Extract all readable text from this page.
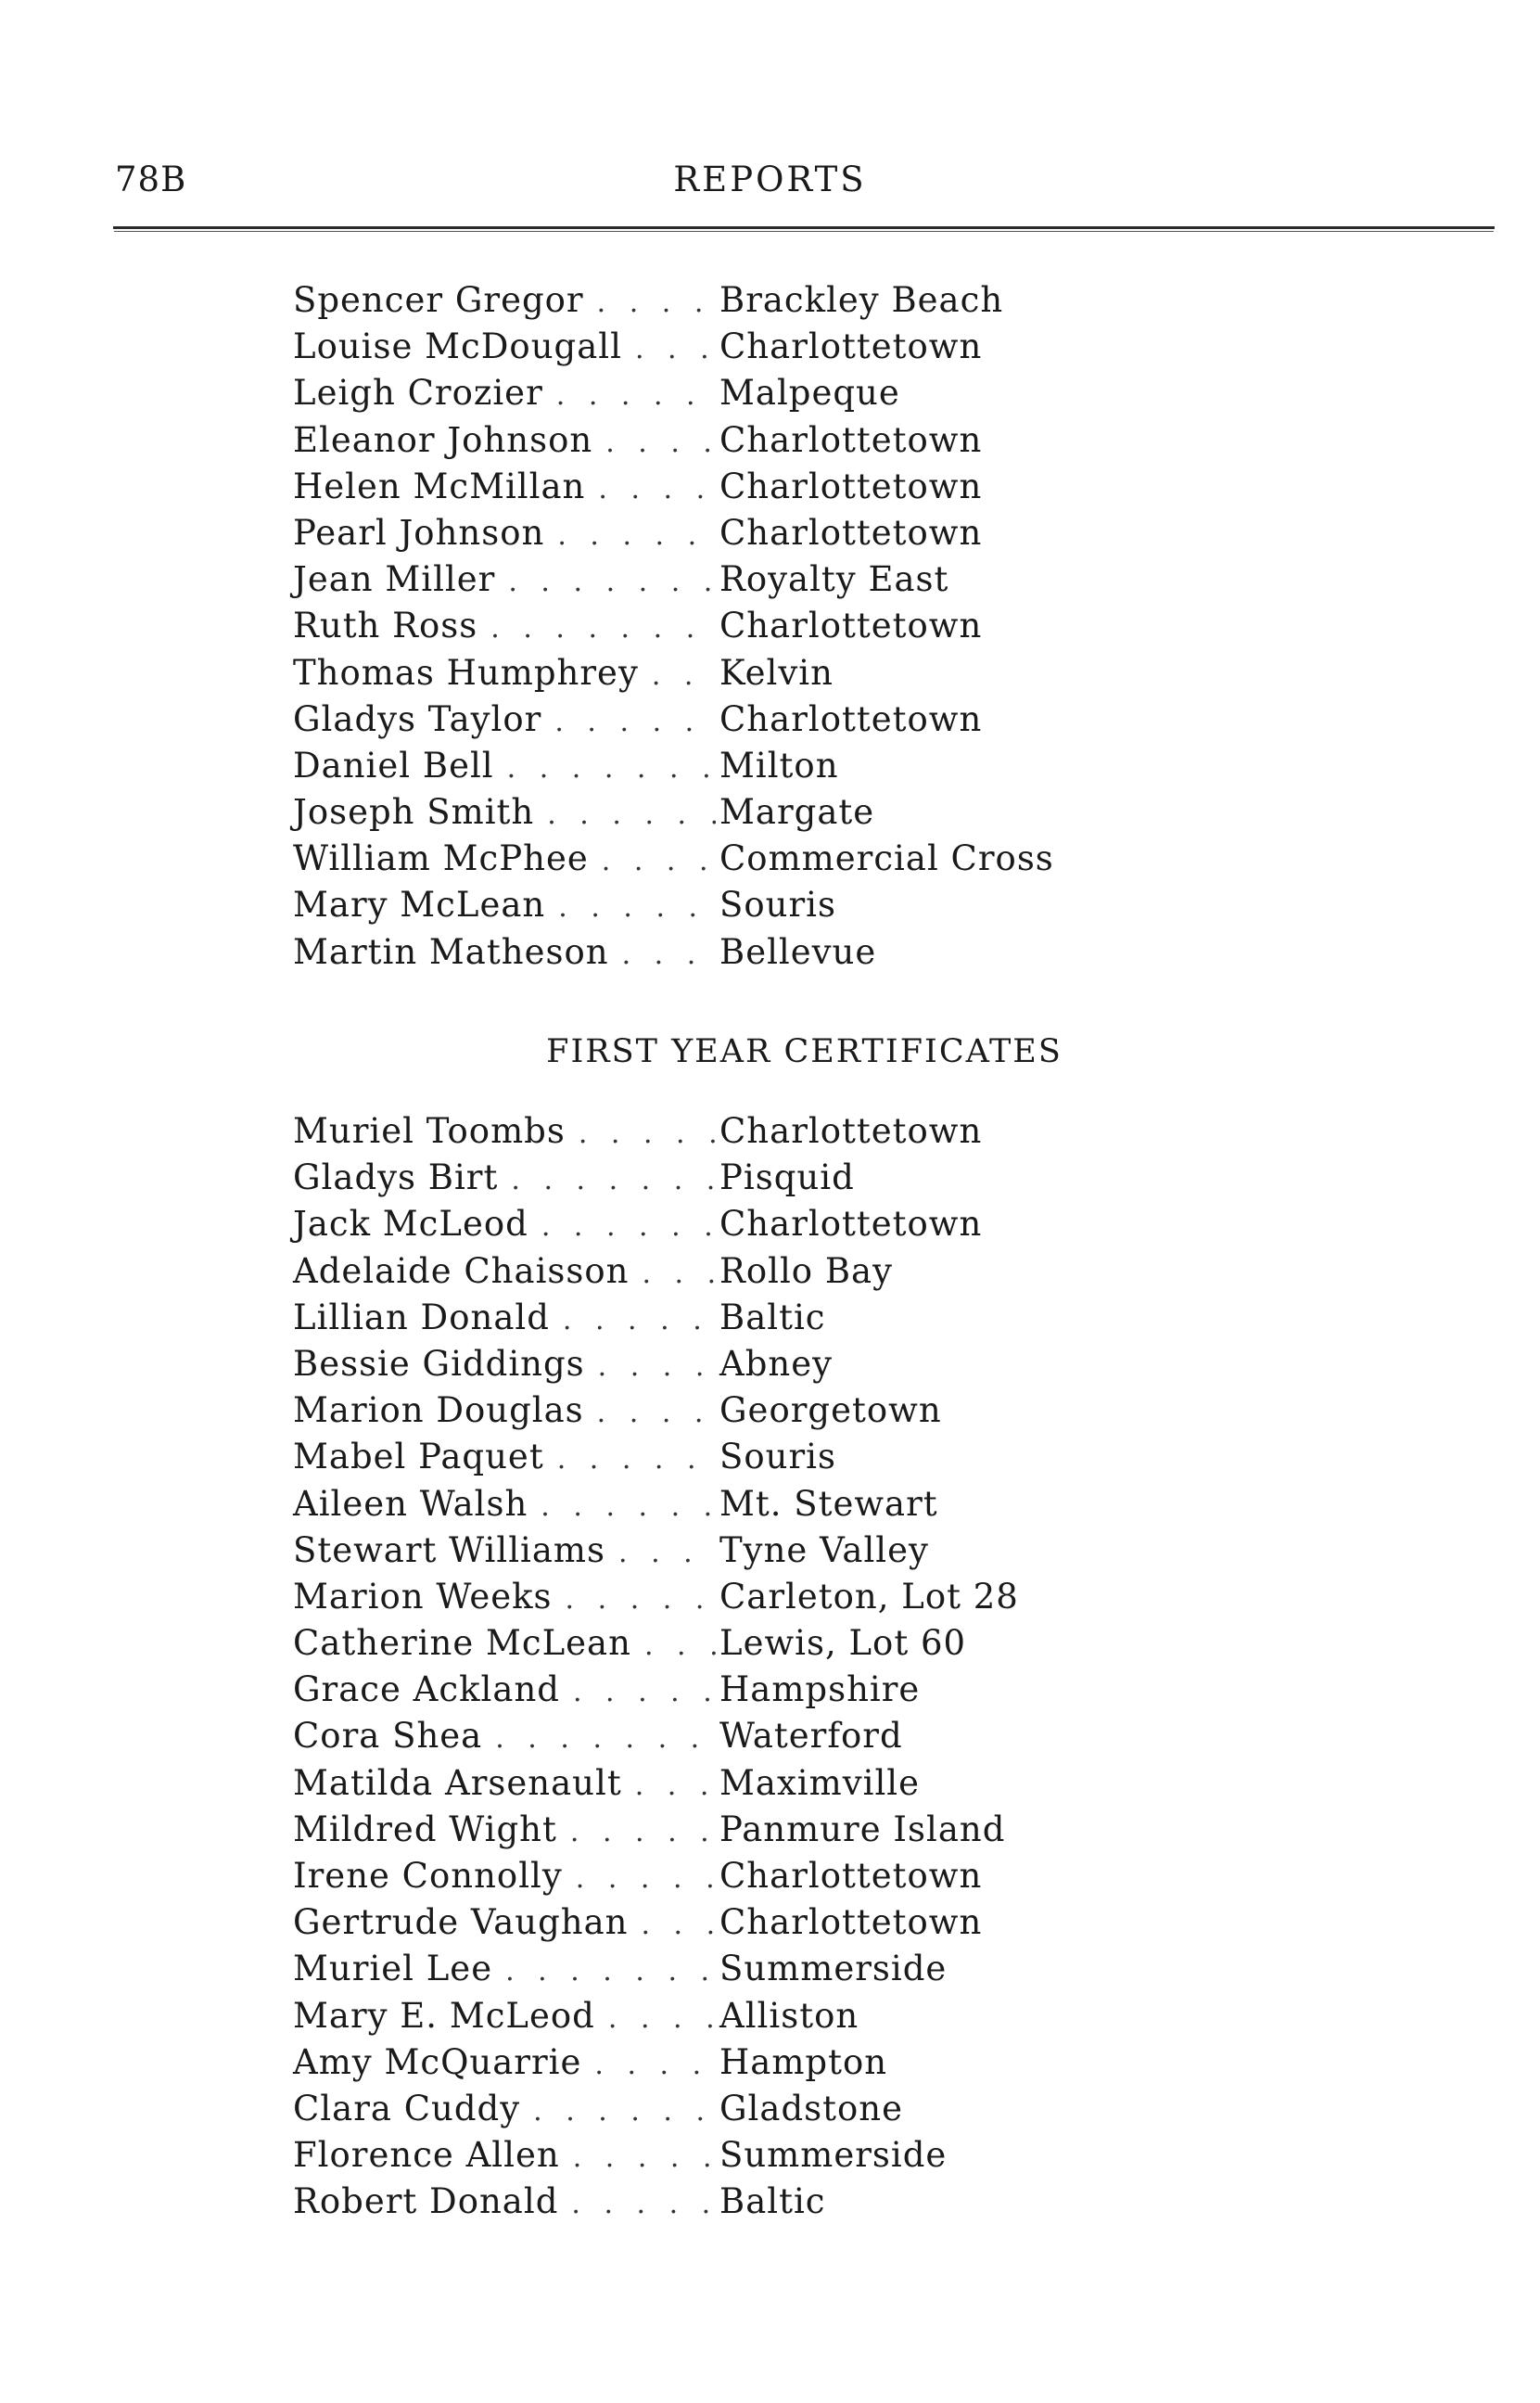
78B	REPORTS
Spencer Gregor . . .	Brackley Beach
Louise McDougall . . .	Charlottetown
Leigh Crozier . . .	Malpeque
Eleanor Johnson . . .	Charlottetown
Helen McMillan . . .	Charlottetown
Pearl Johnson . . .	Charlottetown
Jean Miller . . .	Royalty East
Ruth Ross . . .	Charlottetown
Thomas Humphrey . . .	Kelvin
Gladys Taylor . . .	Charlottetown
Daniel Bell . . .	Milton
Joseph Smith . . .	Margate
William McPhee . . .	Commercial Cross
Mary McLean . . .	Souris
Martin Matheson . . .	Bellevue
FIRST YEAR CERTIFICATES
Muriel Toombs . . .	Charlottetown
Gladys Birt . . .	Pisquid
Jack McLeod . . .	Charlottetown
Adelaide Chaisson . . .	Rollo Bay
Lillian Donald . . .	Baltic
Bessie Giddings . . .	Abney
Marion Douglas . . .	Georgetown
Mabel Paquet . . .	Souris
Aileen Walsh . . .	Mt. Stewart
Stewart Williams . . .	Tyne Valley
Marion Weeks . . .	Carleton, Lot 28
Catherine McLean . . .	Lewis, Lot 60
Grace Ackland . . .	Hampshire
Cora Shea . . .	Waterford
Matilda Arsenault . . .	Maximville
Mildred Wight . . .	Panmure Island
Irene Connolly . . .	Charlottetown
Gertrude Vaughan . . .	Charlottetown
Muriel Lee . . .	Summerside
Mary E. McLeod . . .	Alliston
Amy McQuarrie . . .	Hampton
Clara Cuddy . . .	Gladstone
Florence Allen . . .	Summerside
Robert Donald . . .	Baltic
